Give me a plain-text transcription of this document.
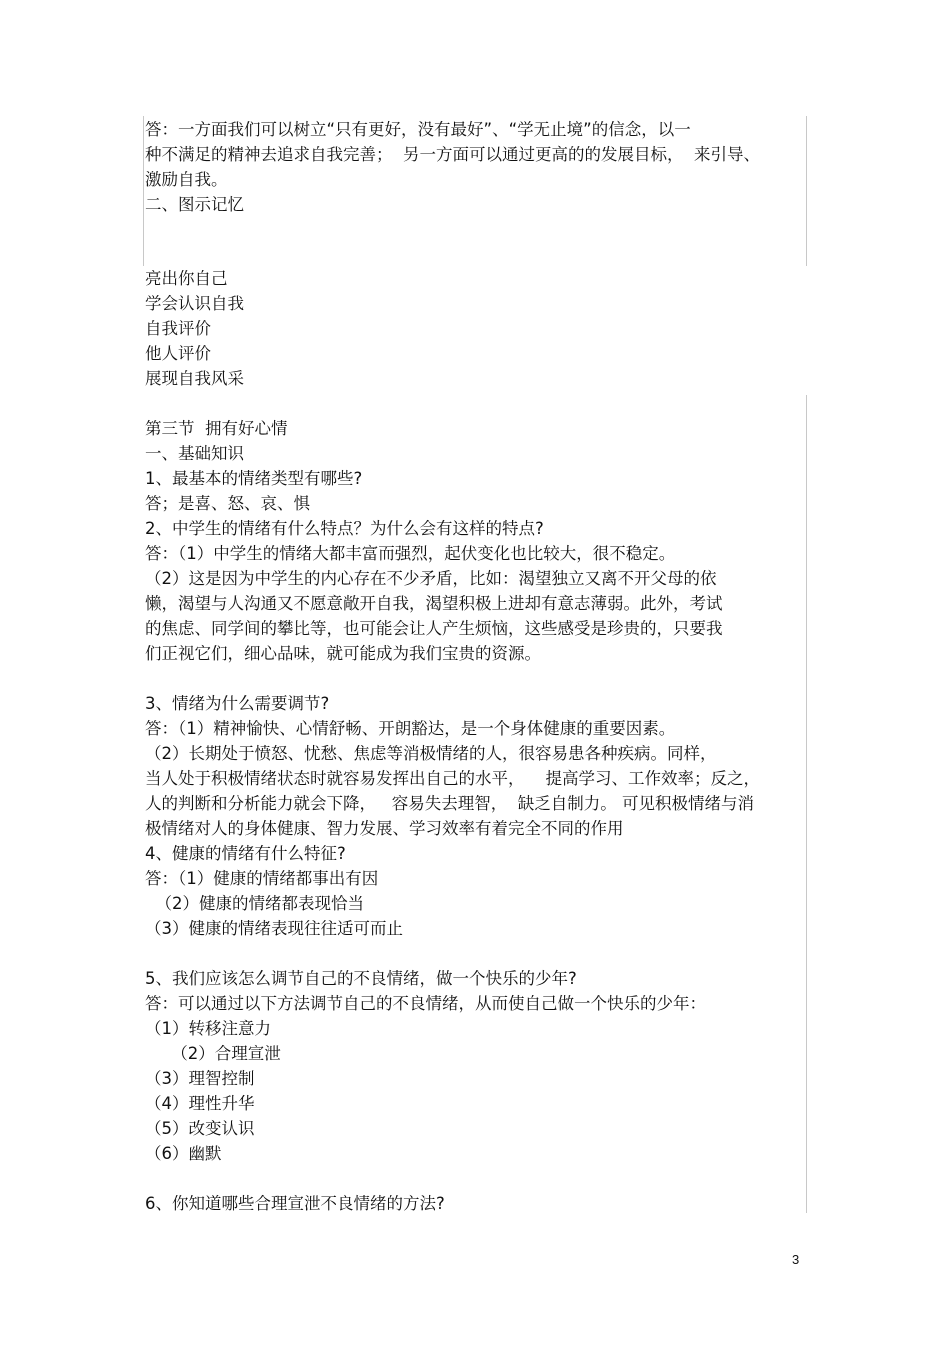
答：一方面我们可以树立“只有更好，没有最好”、“学无止境”的信念，以一
种不满足的精神去追求自我完善；  另一方面可以通过更高的的发展目标，  来引导、
激励自我。
二、图示记忆
亮出你自己
学会认识自我
自我评价
他人评价
展现自我风采
第三节  拥有好心情
一、基础知识
1、最基本的情绪类型有哪些?
答；是喜、怒、哀、惧
2、中学生的情绪有什么特点？为什么会有这样的特点?
答：（1）中学生的情绪大都丰富而强烈，起伏变化也比较大，很不稳定。
（2）这是因为中学生的内心存在不少矛盾，比如：渴望独立又离不开父母的依
懒，渴望与人沟通又不愿意敞开自我，渴望积极上进却有意志薄弱。此外，考试
的焦虑、同学间的攀比等，也可能会让人产生烦恼，这些感受是珍贵的，只要我
们正视它们，细心品味，就可能成为我们宝贵的资源。
3、情绪为什么需要调节?
答：（1）精神愉快、心情舒畅、开朗豁达，是一个身体健康的重要因素。
（2）长期处于愤怒、忧愁、焦虑等消极情绪的人，很容易患各种疾病。同样，
当人处于积极情绪状态时就容易发挥出自己的水平，    提高学习、工作效率；反之，
人的判断和分析能力就会下降，   容易失去理智，  缺乏自制力。 可见积极情绪与消
极情绪对人的身体健康、智力发展、学习效率有着完全不同的作用
4、健康的情绪有什么特征?
答：（1）健康的情绪都事出有因
（2）健康的情绪都表现恰当
（3）健康的情绪表现往往适可而止
5、我们应该怎么调节自己的不良情绪，做一个快乐的少年?
答：可以通过以下方法调节自己的不良情绪，从而使自己做一个快乐的少年：
（1）转移注意力
（2）合理宣泄
（3）理智控制
（4）理性升华
（5）改变认识
（6）幽默
6、你知道哪些合理宣泄不良情绪的方法?
3
